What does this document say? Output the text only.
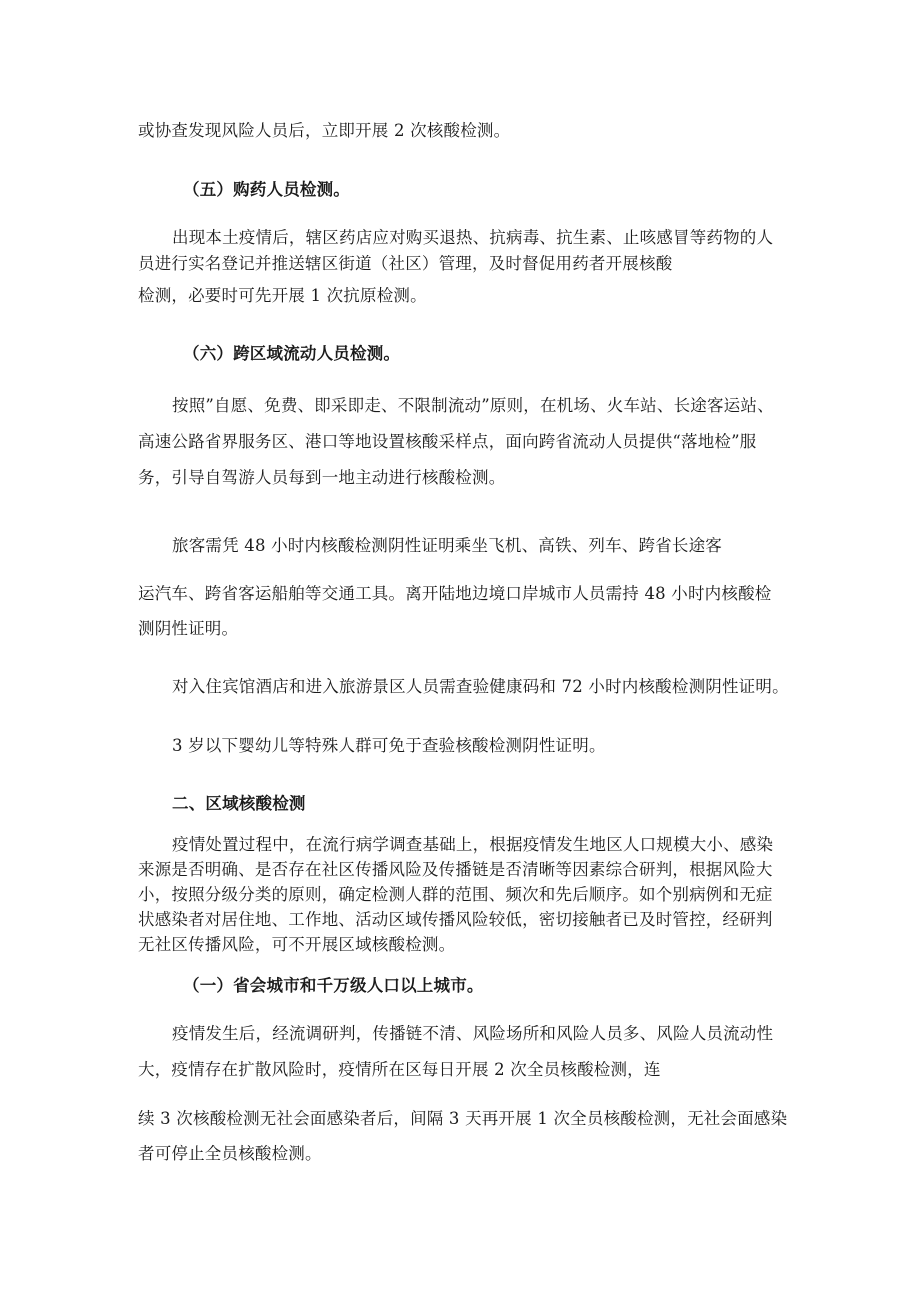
或协查发现风险人员后，立即开展 2 次核酸检测。
（五）购药人员检测。
出现本土疫情后，辖区药店应对购买退热、抗病毒、抗生素、止咳感冒等药物的人
员进行实名登记并推送辖区街道（社区）管理，及时督促用药者开展核酸
检测，必要时可先开展 1 次抗原检测。
（六）跨区域流动人员检测。
按照”自愿、免费、即采即走、不限制流动”原则，在机场、火车站、长途客运站、
高速公路省界服务区、港口等地设置核酸采样点，面向跨省流动人员提供“落地检”服
务，引导自驾游人员每到一地主动进行核酸检测。
旅客需凭 48 小时内核酸检测阴性证明乘坐飞机、高铁、列车、跨省长途客
运汽车、跨省客运船舶等交通工具。离开陆地边境口岸城市人员需持 48 小时内核酸检
测阴性证明。
对入住宾馆酒店和进入旅游景区人员需查验健康码和 72 小时内核酸检测阴性证明。
3 岁以下婴幼儿等特殊人群可免于查验核酸检测阴性证明。
二、区域核酸检测
疫情处置过程中，在流行病学调查基础上，根据疫情发生地区人口规模大小、感染
来源是否明确、是否存在社区传播风险及传播链是否清晰等因素综合研判，根据风险大
小，按照分级分类的原则，确定检测人群的范围、频次和先后顺序。如个别病例和无症
状感染者对居住地、工作地、活动区域传播风险较低，密切接触者已及时管控，经研判
无社区传播风险，可不开展区域核酸检测。
（一）省会城市和千万级人口以上城市。
疫情发生后，经流调研判，传播链不清、风险场所和风险人员多、风险人员流动性
大，疫情存在扩散风险时，疫情所在区每日开展 2 次全员核酸检测，连
续 3 次核酸检测无社会面感染者后，间隔 3 天再开展 1 次全员核酸检测，无社会面感染
者可停止全员核酸检测。
